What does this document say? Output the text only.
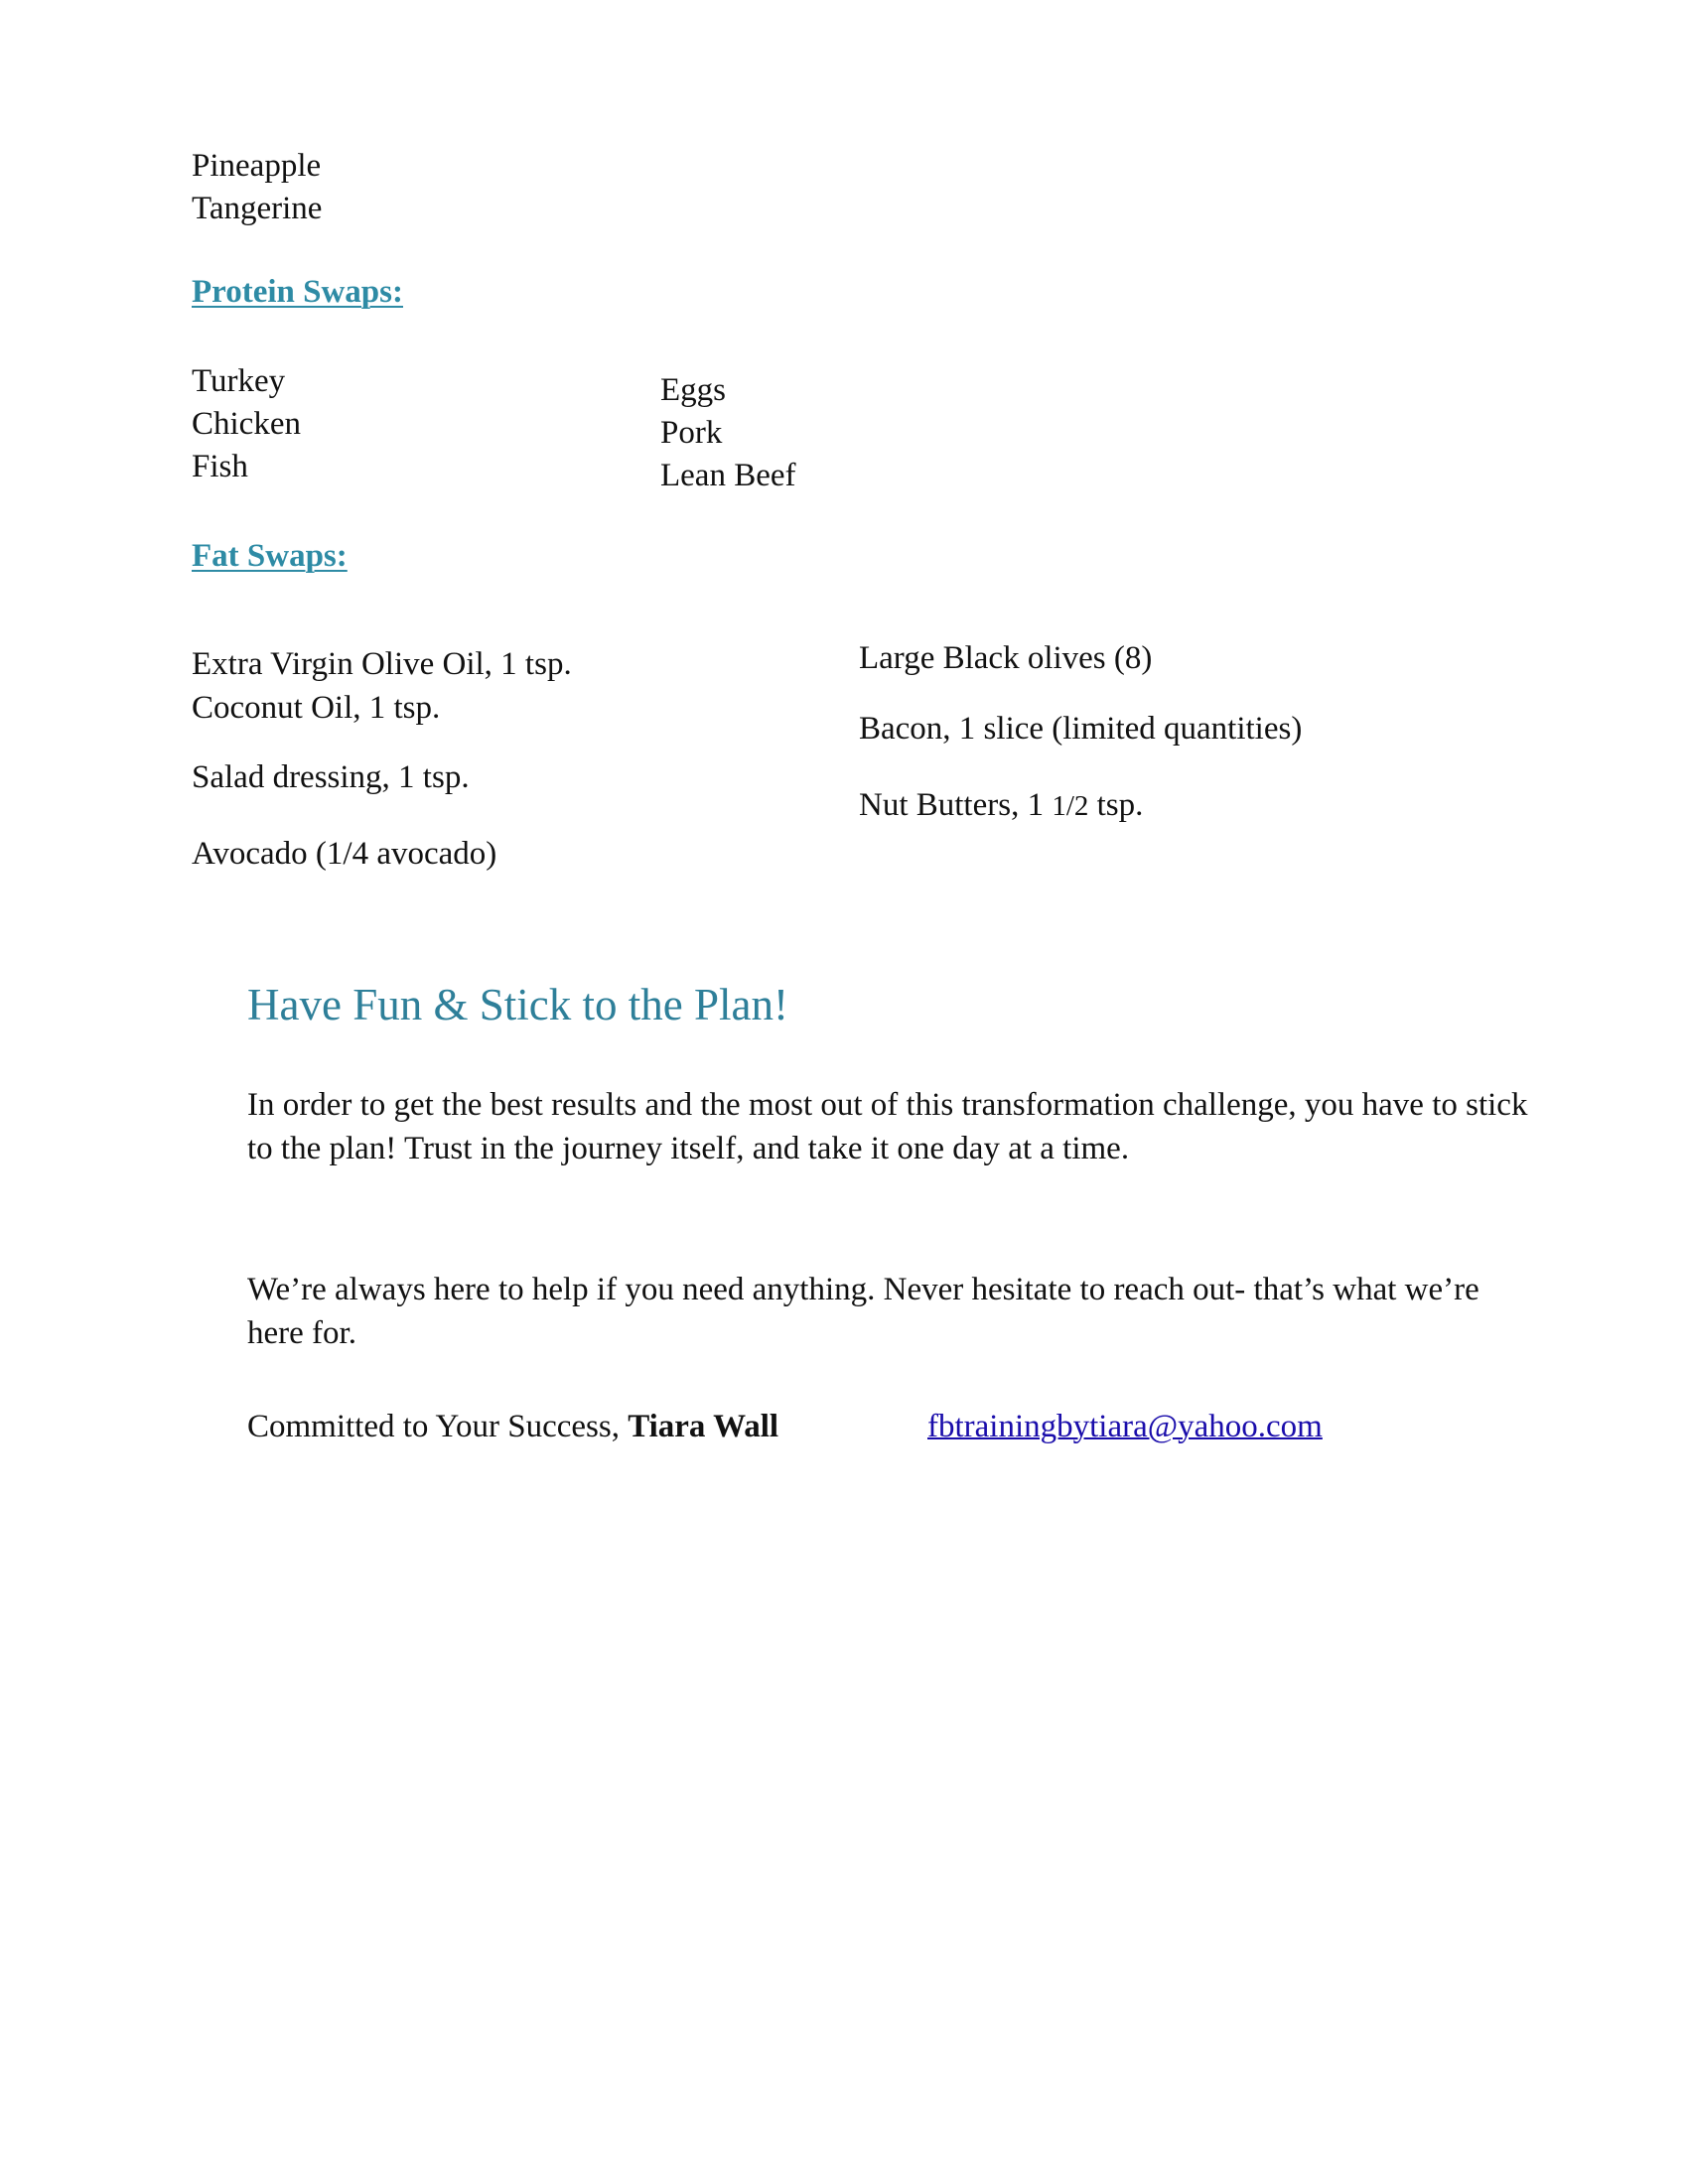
Pineapple
Tangerine
Protein Swaps:
Turkey
Chicken
Fish
Eggs
Pork
Lean Beef
Fat Swaps:
Extra Virgin Olive Oil, 1 tsp.
Coconut Oil, 1 tsp.
Salad dressing, 1 tsp.
Avocado (1/4 avocado)
Large Black olives (8)
Bacon, 1 slice (limited quantities)
Nut Butters, 1 1/2 tsp.
Have Fun & Stick to the Plan!
In order to get the best results and the most out of this transformation challenge, you have to stick to the plan! Trust in the journey itself, and take it one day at a time.
We’re always here to help if you need anything. Never hesitate to reach out- that’s what we’re here for.
Committed to Your Success, Tiara Wall	fbtrainingbytiara@yahoo.com
